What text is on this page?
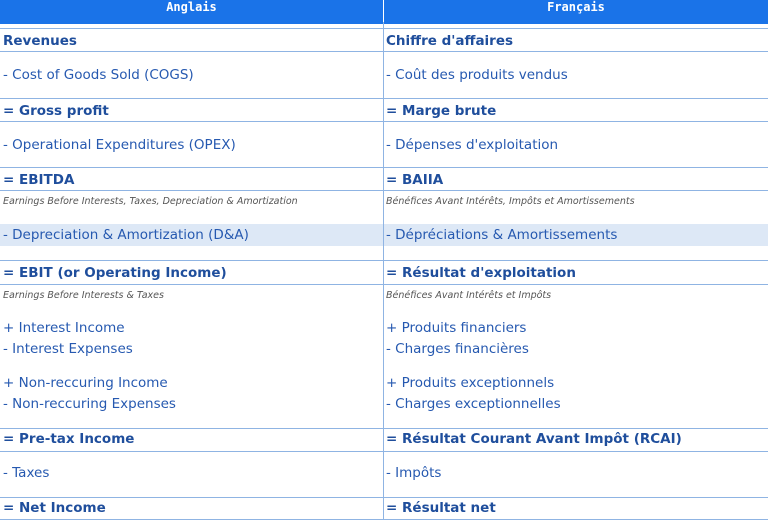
Anglais	Français
Revenues
- Cost of Goods Sold (COGS)
= Gross profit
- Operational Expenditures (OPEX)
= EBITDA
Earnings Before Interests, Taxes, Depreciation & Amortization
- Depreciation & Amortization (D&A)
= EBIT (or Operating Income)
Earnings Before Interests & Taxes
+ Interest Income
- Interest Expenses
+ Non-reccuring Income
- Non-reccuring Expenses
= Pre-tax Income
- Taxes
= Net Income
Chiffre d'affaires
- Coût des produits vendus
= Marge brute
- Dépenses d'exploitation
= BAIIA
Bénéfices Avant Intérêts, Impôts et Amortissements
- Dépréciations & Amortissements
= Résultat d'exploitation
Bénéfices Avant Intérêts et Impôts
+ Produits financiers
- Charges financières
+ Produits exceptionnels
- Charges exceptionnelles
= Résultat Courant Avant Impôt (RCAI)
- Impôts
= Résultat net
